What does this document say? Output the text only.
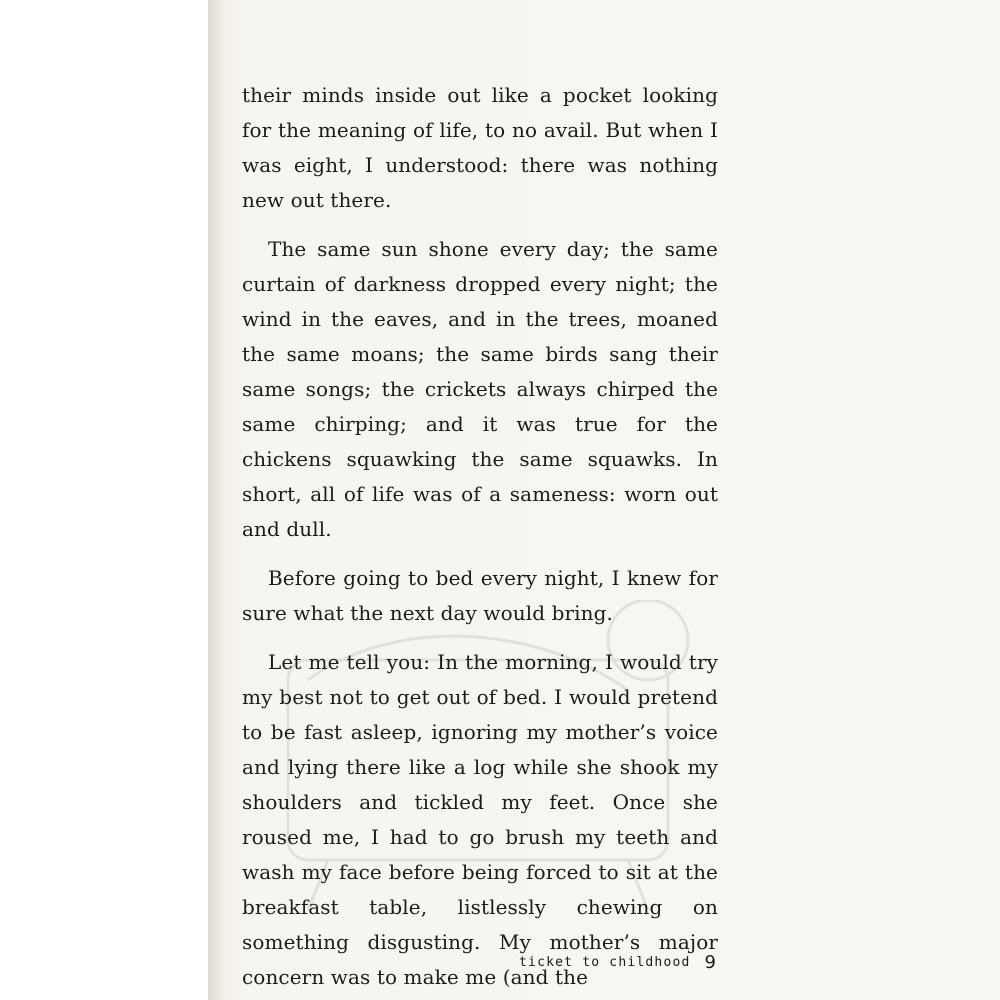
their minds inside out like a pocket looking for the meaning of life, to no avail. But when I was eight, I understood: there was nothing new out there.

The same sun shone every day; the same curtain of darkness dropped every night; the wind in the eaves, and in the trees, moaned the same moans; the same birds sang their same songs; the crickets always chirped the same chirping; and it was true for the chickens squawking the same squawks. In short, all of life was of a sameness: worn out and dull.

Before going to bed every night, I knew for sure what the next day would bring.

Let me tell you: In the morning, I would try my best not to get out of bed. I would pretend to be fast asleep, ignoring my mother’s voice and lying there like a log while she shook my shoulders and tickled my feet. Once she roused me, I had to go brush my teeth and wash my face before being forced to sit at the breakfast table, listlessly chewing on something disgusting. My mother’s major concern was to make me (and the

ticket to childhood 9
